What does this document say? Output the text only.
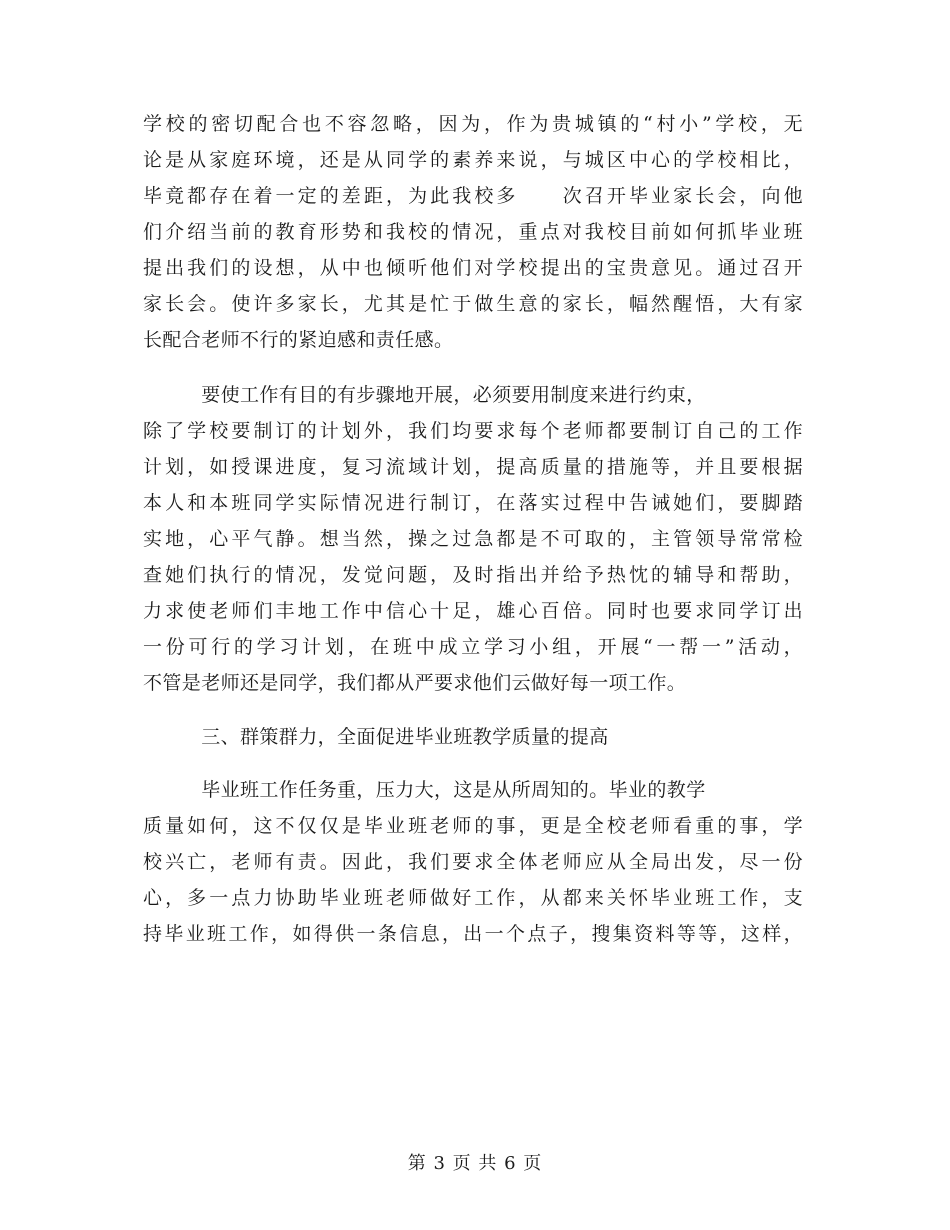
学校的密切配合也不容忽略，因为，作为贵城镇的“村小”学校，无
论是从家庭环境，还是从同学的素养来说，与城区中心的学校相比，
毕竟都存在着一定的差距，为此我校多　　次召开毕业家长会，向他
们介绍当前的教育形势和我校的情况，重点对我校目前如何抓毕业班
提出我们的设想，从中也倾听他们对学校提出的宝贵意见。通过召开
家长会。使许多家长，尤其是忙于做生意的家长，幅然醒悟，大有家
长配合老师不行的紧迫感和责任感。
　　　要使工作有目的有步骤地开展，必须要用制度来进行约束，
除了学校要制订的计划外，我们均要求每个老师都要制订自己的工作
计划，如授课进度，复习流域计划，提高质量的措施等，并且要根据
本人和本班同学实际情况进行制订，在落实过程中告诫她们，要脚踏
实地，心平气静。想当然，操之过急都是不可取的，主管领导常常检
查她们执行的情况，发觉问题，及时指出并给予热忱的辅导和帮助，
力求使老师们丰地工作中信心十足，雄心百倍。同时也要求同学订出
一份可行的学习计划，在班中成立学习小组，开展“一帮一”活动，
不管是老师还是同学，我们都从严要求他们云做好每一项工作。
　　　三、群策群力，全面促进毕业班教学质量的提高
　　　毕业班工作任务重，压力大，这是从所周知的。毕业的教学
质量如何，这不仅仅是毕业班老师的事，更是全校老师看重的事，学
校兴亡，老师有责。因此，我们要求全体老师应从全局出发，尽一份
心，多一点力协助毕业班老师做好工作，从都来关怀毕业班工作，支
持毕业班工作，如得供一条信息，出一个点子，搜集资料等等，这样，
第 3 页 共 6 页
